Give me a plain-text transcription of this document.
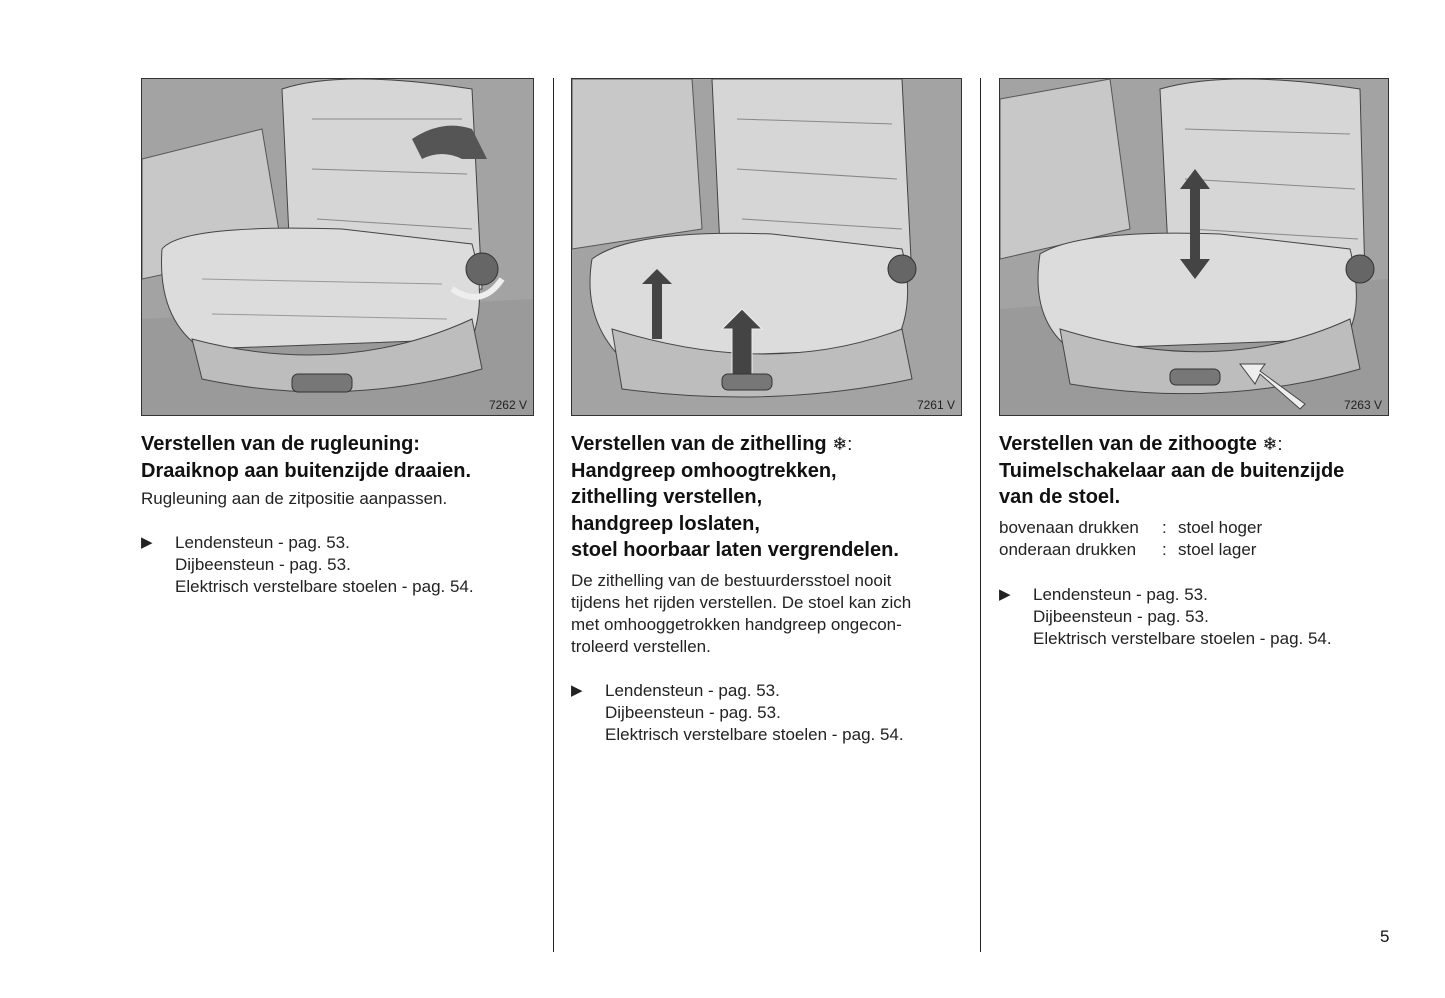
7262 V
Verstellen van de rugleuning:
Draaiknop aan buitenzijde draaien.

Rugleuning aan de zitpositie aanpassen.

▶ Lendensteun - pag. 53.
Dijbeensteun - pag. 53.
Elektrisch verstelbare stoelen - pag. 54.
7261 V
Verstellen van de zithelling ❄:
Handgreep omhoogtrekken,
zithelling verstellen,
handgreep loslaten,
stoel hoorbaar laten vergrendelen.

De zithelling van de bestuurdersstoel nooit

tijdens het rijden verstellen. De stoel kan zich

met omhooggetrokken handgreep ongecon-

troleerd verstellen.

▶ Lendensteun - pag. 53.
Dijbeensteun - pag. 53.
Elektrisch verstelbare stoelen - pag. 54.
7263 V
Verstellen van de zithoogte ❄:
Tuimelschakelaar aan de buitenzijde
van de stoel.
bovenaan drukken	: stoel hoger
onderaan drukken	: stoel lager
▶ Lendensteun - pag. 53.
Dijbeensteun - pag. 53.
Elektrisch verstelbare stoelen - pag. 54.
5
